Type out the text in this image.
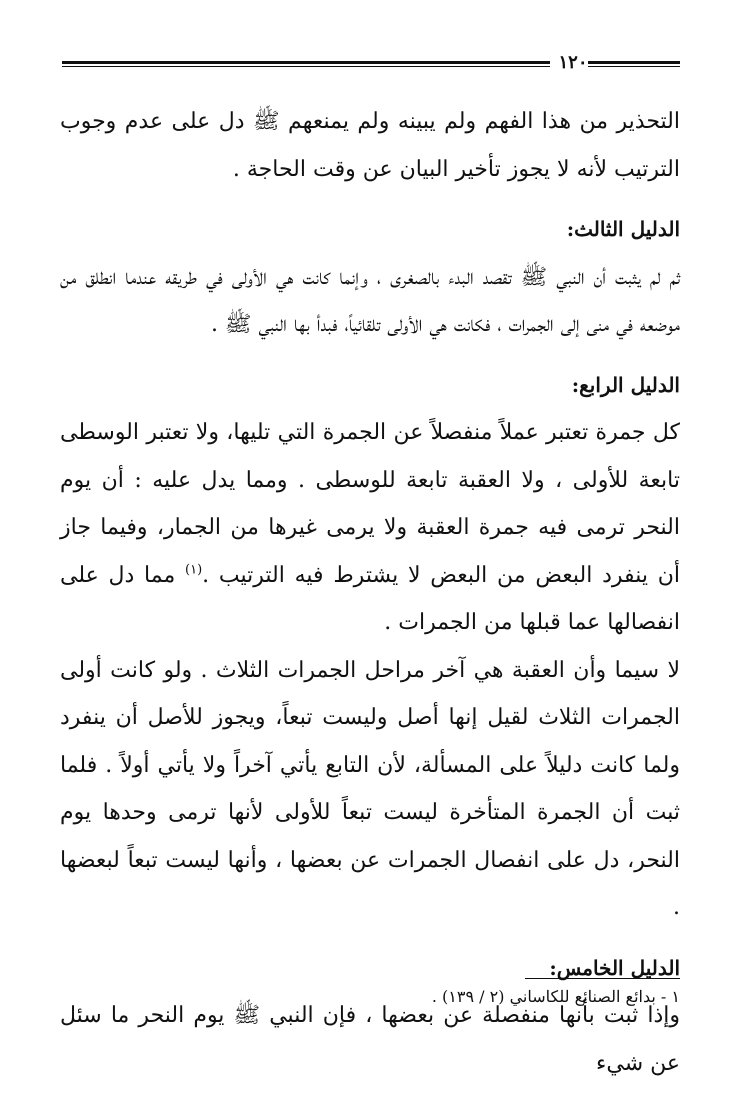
١٢٠

التحذير من هذا الفهم ولم يبينه ولم يمنعهم ﷺ دل على عدم وجوب الترتيب لأنه لا يجوز تأخير البيان عن وقت الحاجة .

الدليل الثالث:

ثم لم يثبت أن النبي ﷺ تقصد البدء بالصغرى ، وإنما كانت هي الأولى في طريقه عندما انطلق من موضعه في منى إلى الجمرات ، فكانت هي الأولى تلقائياً، فبدأ بها النبي ﷺ .

الدليل الرابع:

كل جمرة تعتبر عملاً منفصلاً عن الجمرة التي تليها، ولا تعتبر الوسطى تابعة للأولى ، ولا العقبة تابعة للوسطى . ومما يدل عليه : أن يوم النحر ترمى فيه جمرة العقبة ولا يرمى غيرها من الجمار، وفيما جاز أن ينفرد البعض من البعض لا يشترط فيه الترتيب .$^{(١)}$ مما دل على انفصالها عما قبلها من الجمرات .

لا سيما وأن العقبة هي آخر مراحل الجمرات الثلاث . ولو كانت أولى الجمرات الثلاث لقيل إنها أصل وليست تبعاً، ويجوز للأصل أن ينفرد ولما كانت دليلاً على المسألة، لأن التابع يأتي آخراً ولا يأتي أولاً . فلما ثبت أن الجمرة المتأخرة ليست تبعاً للأولى لأنها ترمى وحدها يوم النحر، دل على انفصال الجمرات عن بعضها ، وأنها ليست تبعاً لبعضها .

الدليل الخامس:

وإذا ثبت بأنها منفصلة عن بعضها ، فإن النبي ﷺ يوم النحر ما سئل عن شيء

١ - بدائع الصنائع للكاساني (٢ / ١٣٩) .
